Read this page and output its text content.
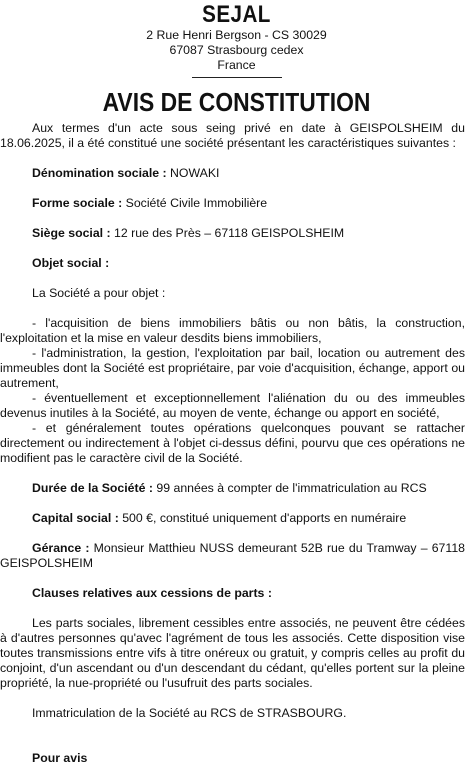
SEJAL
2 Rue Henri Bergson - CS 30029
67087 Strasbourg cedex
France
AVIS DE CONSTITUTION

Aux termes d'un acte sous seing privé en date à GEISPOLSHEIM du 18.06.2025, il a été constitué une société présentant les caractéristiques suivantes :

Dénomination sociale : NOWAKI

Forme sociale : Société Civile Immobilière

Siège social : 12 rue des Près – 67118 GEISPOLSHEIM

Objet social :

La Société a pour objet :

- l'acquisition de biens immobiliers bâtis ou non bâtis, la construction, l'exploitation et la mise en valeur desdits biens immobiliers,

- l'administration, la gestion, l'exploitation par bail, location ou autrement des immeubles dont la Société est propriétaire, par voie d'acquisition, échange, apport ou autrement,

- éventuellement et exceptionnellement l'aliénation du ou des immeubles devenus inutiles à la Société, au moyen de vente, échange ou apport en société,

- et généralement toutes opérations quelconques pouvant se rattacher directement ou indirectement à l'objet ci-dessus défini, pourvu que ces opérations ne modifient pas le caractère civil de la Société.

Durée de la Société : 99 années à compter de l'immatriculation au RCS

Capital social : 500 €, constitué uniquement d'apports en numéraire

Gérance : Monsieur Matthieu NUSS demeurant 52B rue du Tramway – 67118 GEISPOLSHEIM

Clauses relatives aux cessions de parts :

Les parts sociales, librement cessibles entre associés, ne peuvent être cédées à d'autres personnes qu'avec l'agrément de tous les associés. Cette disposition vise toutes transmissions entre vifs à titre onéreux ou gratuit, y compris celles au profit du conjoint, d'un ascendant ou d'un descendant du cédant, qu'elles portent sur la pleine propriété, la nue-propriété ou l'usufruit des parts sociales.

Immatriculation de la Société au RCS de STRASBOURG.

Pour avis
